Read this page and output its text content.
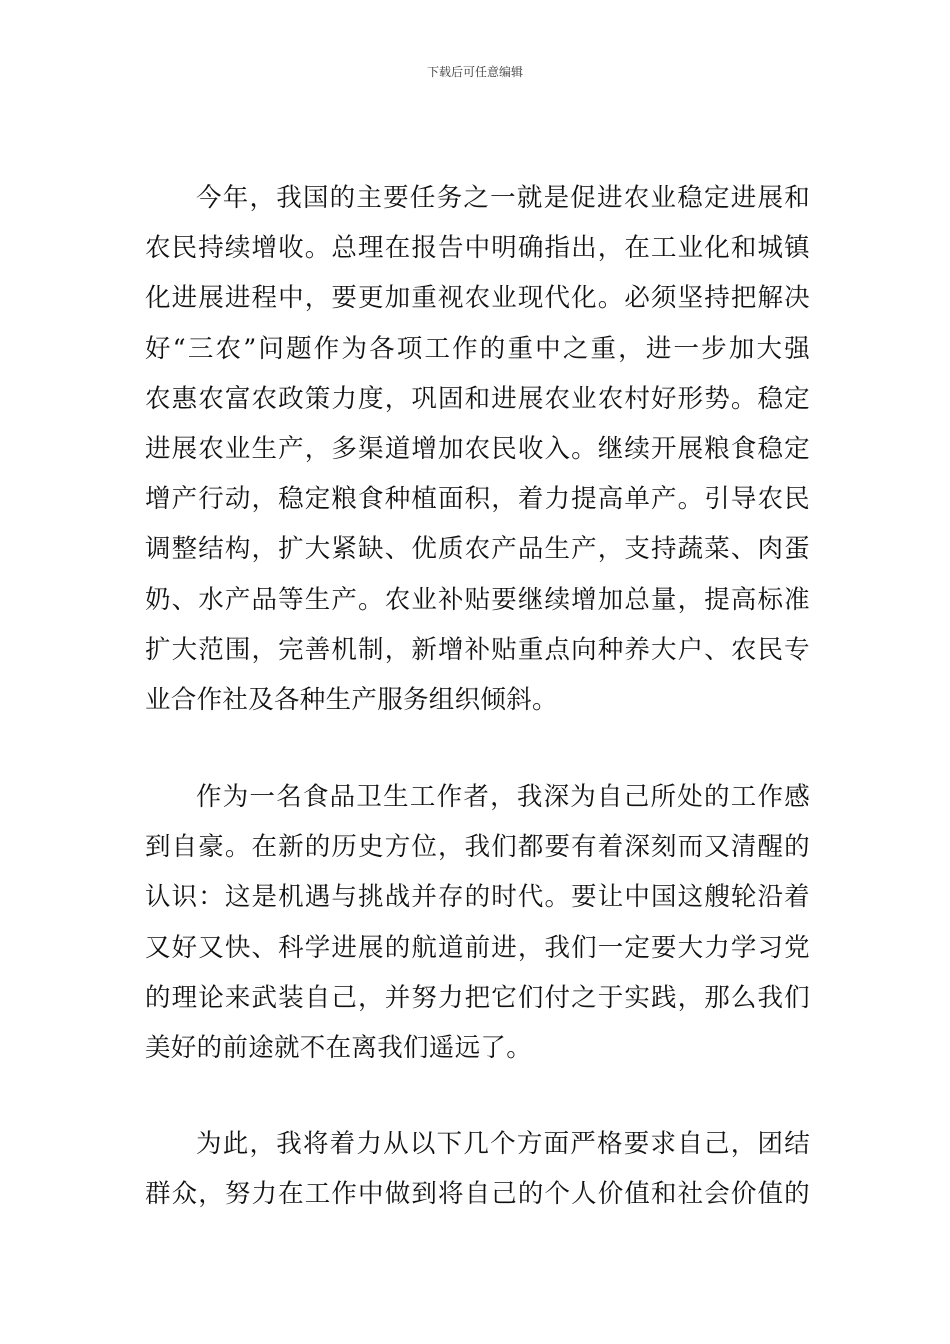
下载后可任意编辑
今年，我国的主要任务之一就是促进农业稳定进展和
农民持续增收。总理在报告中明确指出，在工业化和城镇
化进展进程中，要更加重视农业现代化。必须坚持把解决
好“三农”问题作为各项工作的重中之重，进一步加大强
农惠农富农政策力度，巩固和进展农业农村好形势。稳定
进展农业生产，多渠道增加农民收入。继续开展粮食稳定
增产行动，稳定粮食种植面积，着力提高单产。引导农民
调整结构，扩大紧缺、优质农产品生产，支持蔬菜、肉蛋
奶、水产品等生产。农业补贴要继续增加总量，提高标准
扩大范围，完善机制，新增补贴重点向种养大户、农民专
业合作社及各种生产服务组织倾斜。
作为一名食品卫生工作者，我深为自己所处的工作感
到自豪。在新的历史方位，我们都要有着深刻而又清醒的
认识：这是机遇与挑战并存的时代。要让中国这艘轮沿着
又好又快、科学进展的航道前进，我们一定要大力学习党
的理论来武装自己，并努力把它们付之于实践，那么我们
美好的前途就不在离我们遥远了。
为此，我将着力从以下几个方面严格要求自己，团结
群众，努力在工作中做到将自己的个人价值和社会价值的
